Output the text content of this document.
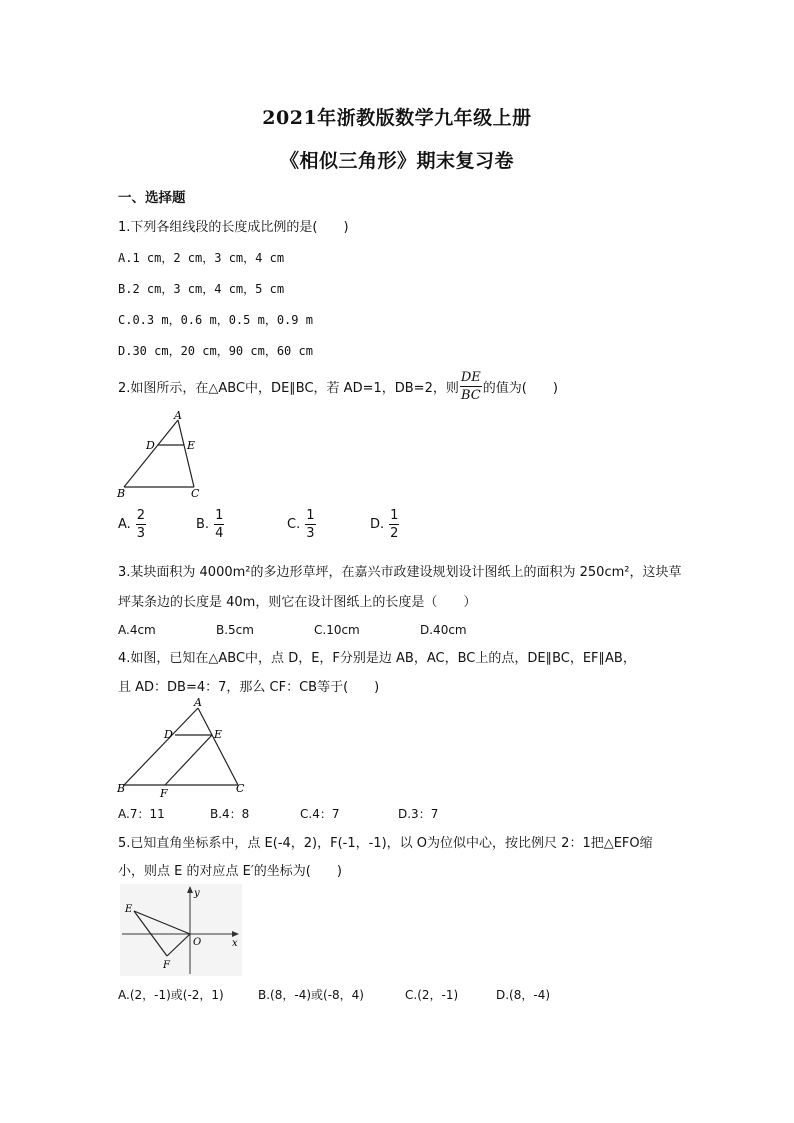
2021年浙教版数学九年级上册
《相似三角形》期末复习卷
一、选择题
1.下列各组线段的长度成比例的是(　　)
A.1 cm，2 cm，3 cm，4 cm
B.2 cm，3 cm，4 cm，5 cm
C.0.3 m，0.6 m，0.5 m，0.9 m
D.30 cm，20 cm，90 cm，60 cm
2.如图所示，在△ABC中，DE∥BC，若 AD=1，DB=2，则 $\frac{DE}{BC}$ 的值为(　　)
A
D	E
B	C
A. $\frac{2}{3}$	B. $\frac{1}{4}$	C. $\frac{1}{3}$	D. $\frac{1}{2}$
3.某块面积为 4000m²的多边形草坪，在嘉兴市政建设规划设计图纸上的面积为 250cm²，这块草
坪某条边的长度是 40m，则它在设计图纸上的长度是（　　）
A.4cm	B.5cm	C.10cm	D.40cm
4.如图，已知在△ABC中，点 D，E，F分别是边 AB，AC，BC上的点，DE∥BC，EF∥AB，
且 AD：DB=4：7，那么 CF：CB等于(　　)
A
D	E
B	F	C
A.7：11	B.4：8	C.4：7	D.3：7
5.已知直角坐标系中，点 E(-4，2)，F(-1，-1)，以 O为位似中心，按比例尺 2：1把△EFO缩
小，则点 E 的对应点 E′的坐标为(　　)
E
y
O	x
F
A.(2，-1)或(-2，1)	B.(8，-4)或(-8，4)	C.(2，-1)	D.(8，-4)
